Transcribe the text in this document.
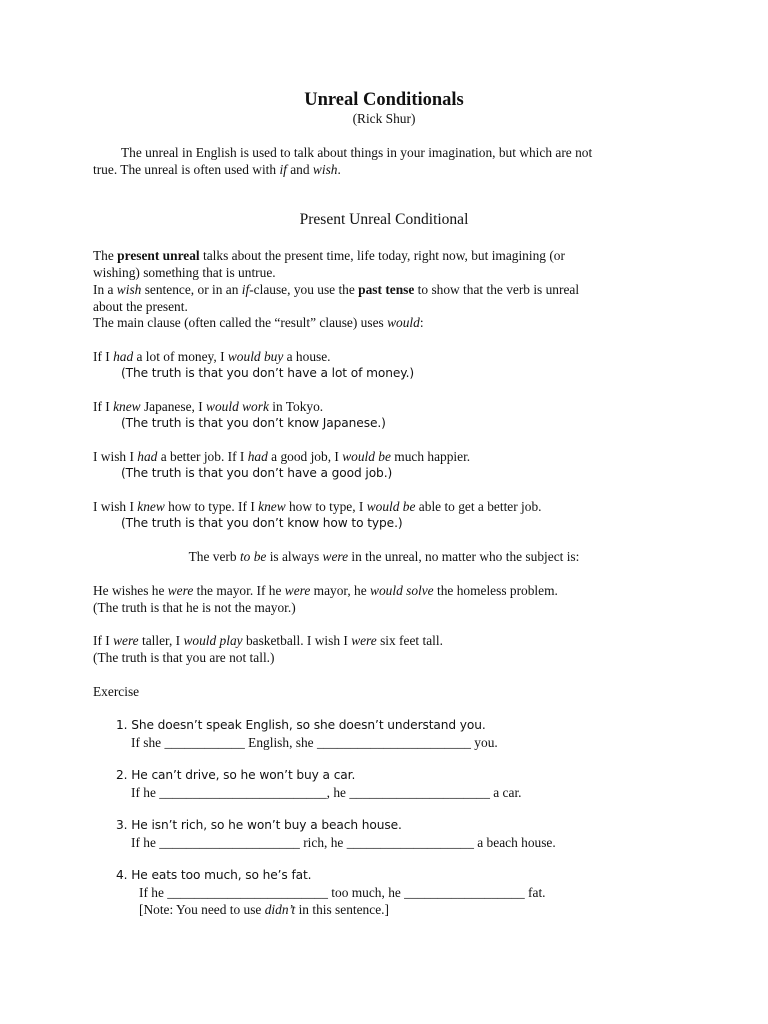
Unreal Conditionals
(Rick Shur)
The unreal in English is used to talk about things in your imagination, but which are not
true. The unreal is often used with if and wish.
Present Unreal Conditional
The present unreal talks about the present time, life today, right now, but imagining (or
wishing) something that is untrue.
In a wish sentence, or in an if-clause, you use the past tense to show that the verb is unreal
about the present.
The main clause (often called the “result” clause) uses would:
If I had a lot of money, I would buy a house.
(The truth is that you don’t have a lot of money.)
If I knew Japanese, I would work in Tokyo.
(The truth is that you don’t know Japanese.)
I wish I had a better job. If I had a good job, I would be much happier.
(The truth is that you don’t have a good job.)
I wish I knew how to type. If I knew how to type, I would be able to get a better job.
(The truth is that you don’t know how to type.)
The verb to be is always were in the unreal, no matter who the subject is:
He wishes he were the mayor. If he were mayor, he would solve the homeless problem.
(The truth is that he is not the mayor.)
If I were taller, I would play basketball. I wish I were six feet tall.
(The truth is that you are not tall.)
Exercise
1. She doesn’t speak English, so she doesn’t understand you.
If she ____________ English, she _______________________ you.
2. He can’t drive, so he won’t buy a car.
If he _________________________, he _____________________ a car.
3. He isn’t rich, so he won’t buy a beach house.
If he _____________________ rich, he ___________________ a beach house.
4. He eats too much, so he’s fat.
If he ________________________ too much, he __________________ fat.
[Note: You need to use didn’t in this sentence.]
